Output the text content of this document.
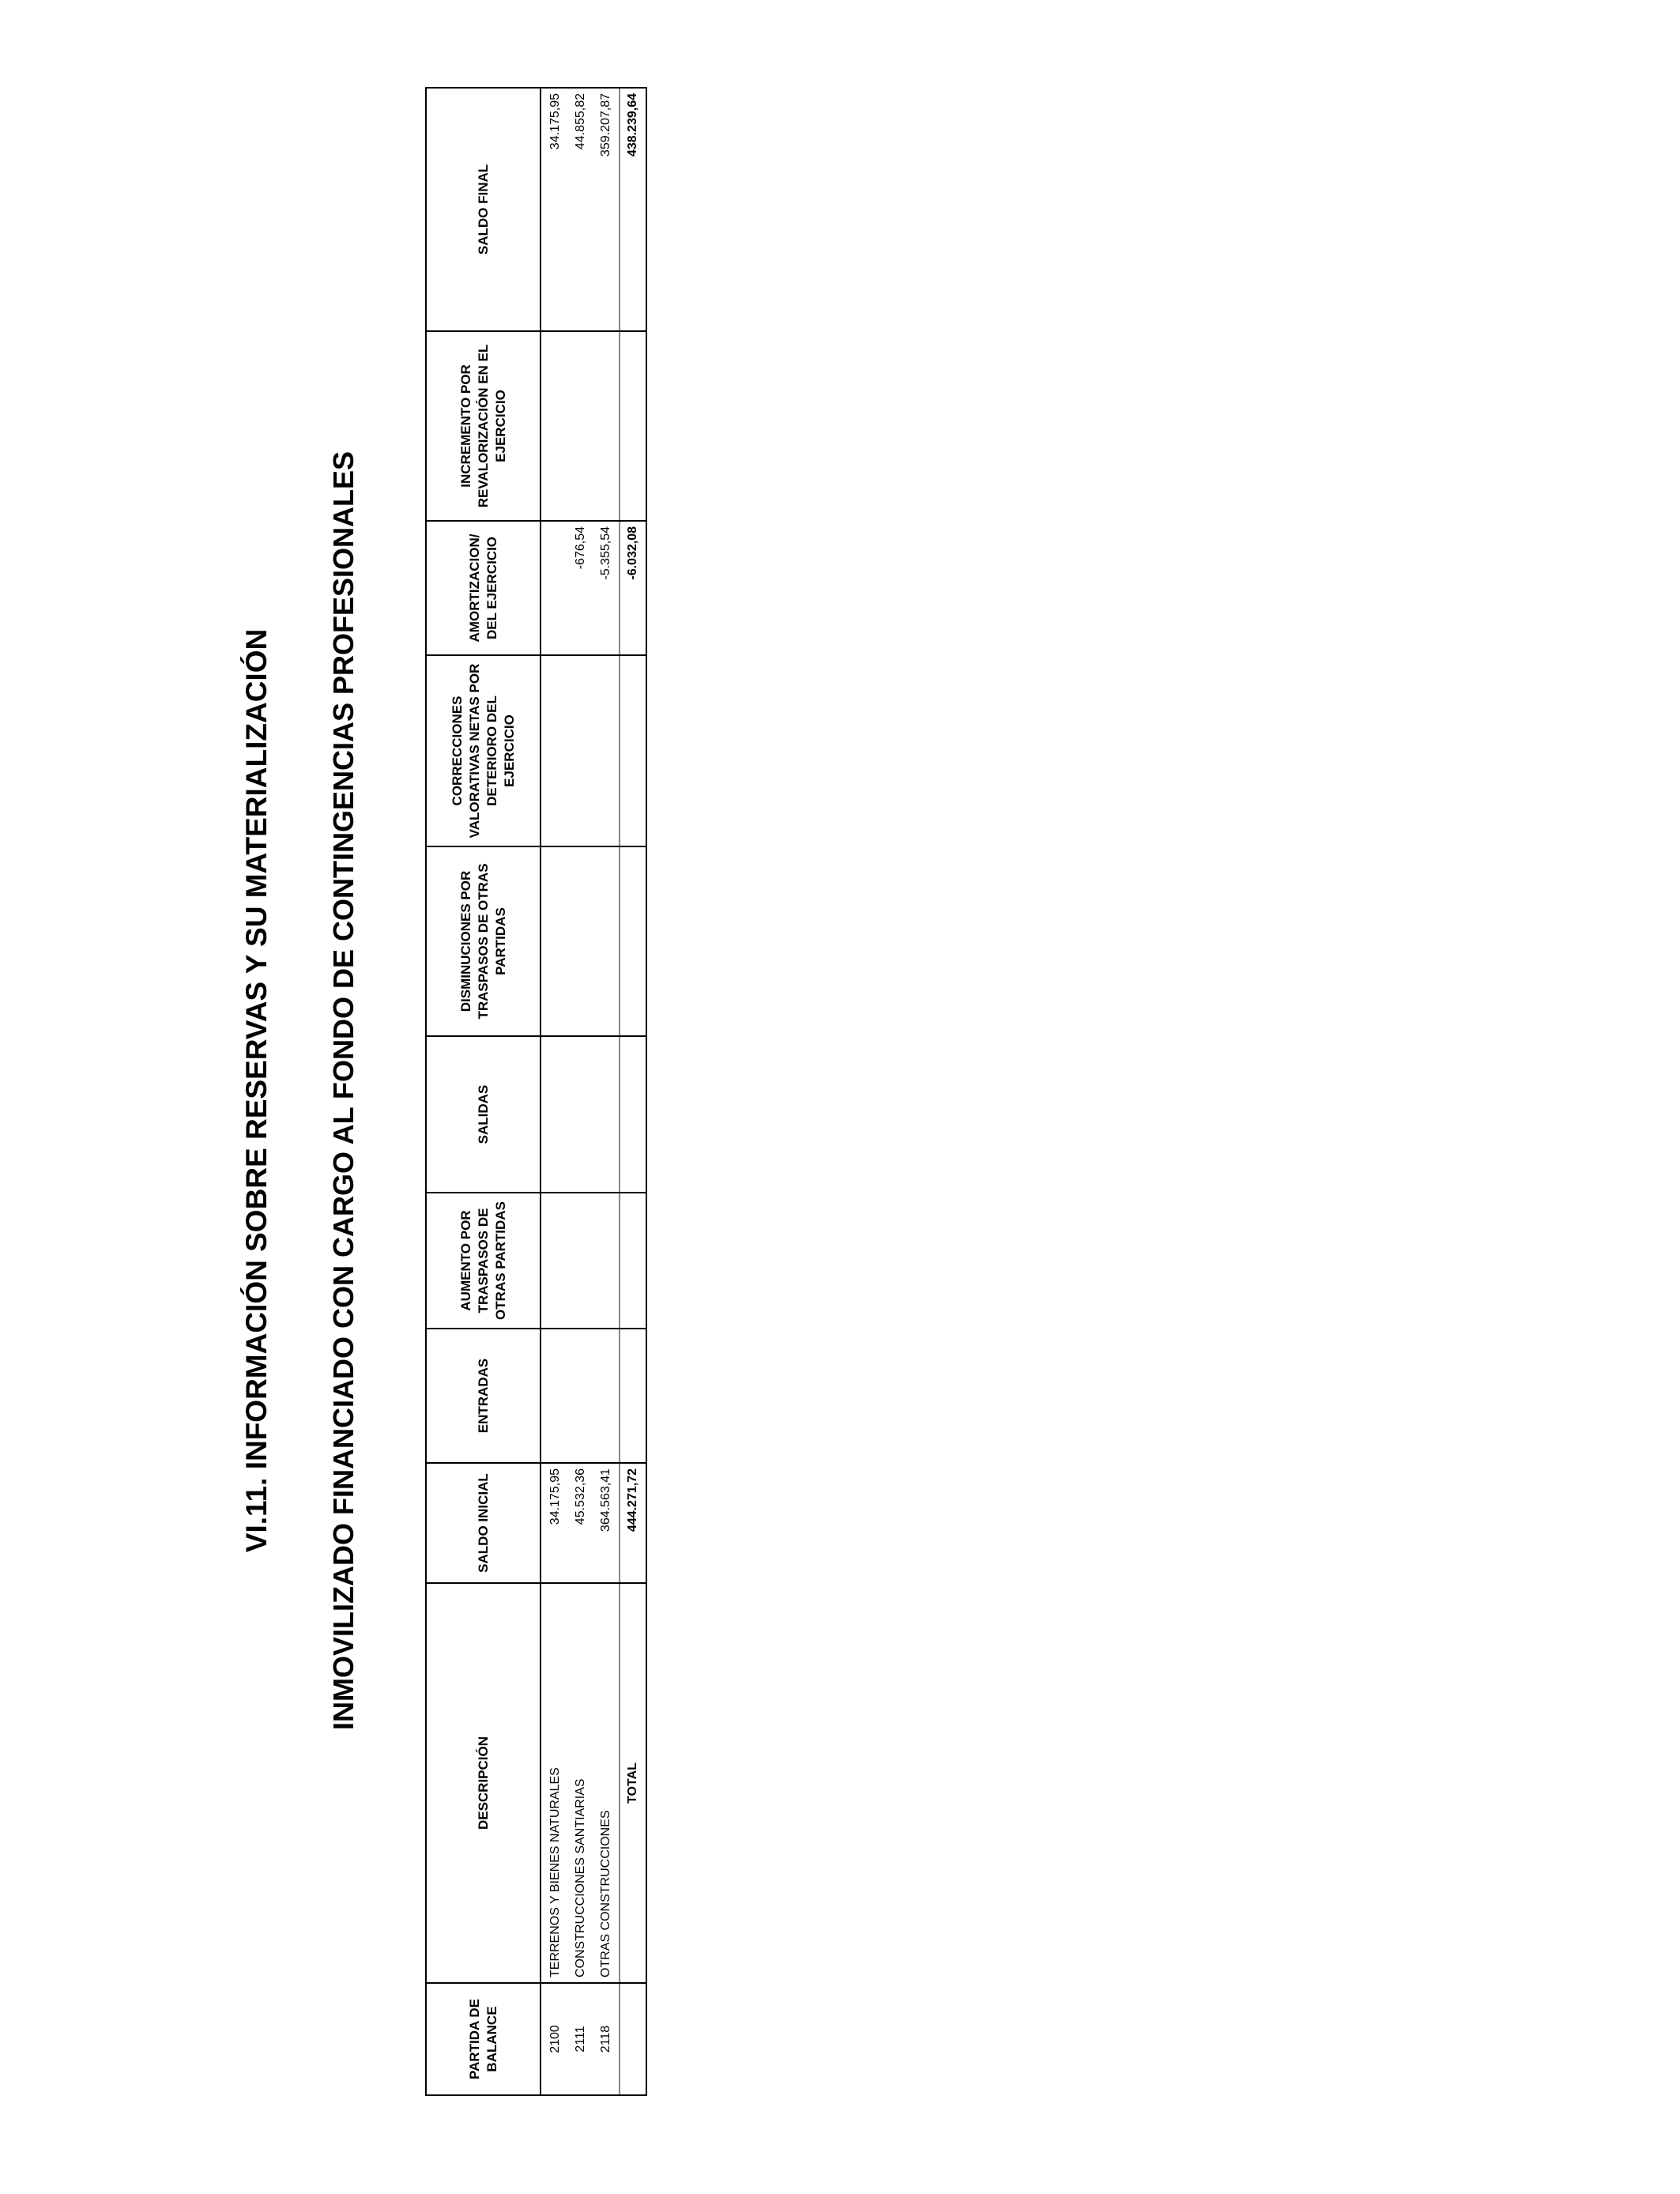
VI.11. INFORMACIÓN SOBRE RESERVAS Y SU MATERIALIZACIÓN INMOVILIZADO FINANCIADO CON CARGO AL FONDO DE CONTINGENCIAS PROFESIONALES
PARTIDA DE BALANCE	DESCRIPCIÓN	SALDO INICIAL	ENTRADAS	AUMENTO POR TRASPASOS DE OTRAS PARTIDAS	SALIDAS	DISMINUCIONES POR TRASPASOS DE OTRAS PARTIDAS	CORRECCIONES VALORATIVAS NETAS POR DETERIORO DEL EJERCICIO	AMORTIZACION/ DEL EJERCICIO	INCREMENTO POR REVALORIZACIÓN EN EL EJERCICIO	SALDO FINAL
2100	TERRENOS Y BIENES NATURALES	34.175,95								34.175,95
2111	CONSTRUCCIONES SANTIARIAS	45.532,36						-676,54		44.855,82
2118	OTRAS CONSTRUCCIONES	364.563,41						-5.355,54		359.207,87
	TOTAL	444.271,72						-6.032,08		438.239,64
